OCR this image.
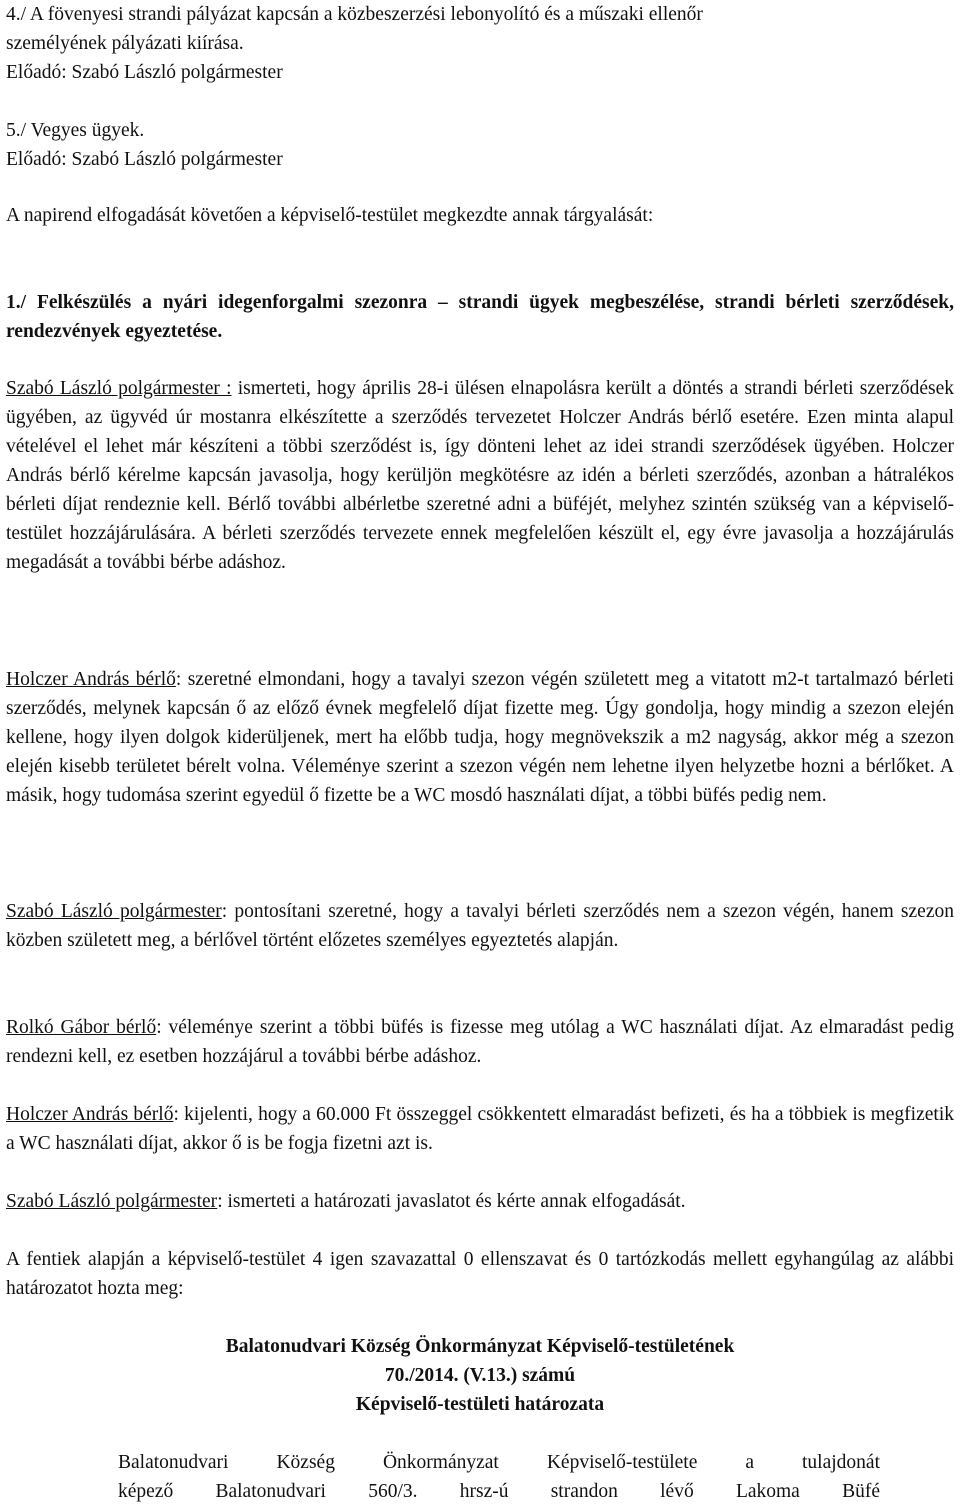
4./ A fövenyesi strandi pályázat kapcsán a közbeszerzési lebonyolító és a műszaki ellenőr

személyének pályázati kiírása.

Előadó: Szabó László polgármester

5./ Vegyes ügyek.

Előadó: Szabó László polgármester

A napirend elfogadását követően a képviselő-testület megkezdte annak tárgyalását:

1./ Felkészülés a nyári idegenforgalmi szezonra – strandi ügyek megbeszélése, strandi bérleti szerződések, rendezvények egyeztetése.

Szabó László polgármester : ismerteti, hogy április 28-i ülésen elnapolásra került a döntés a strandi bérleti szerződések ügyében, az ügyvéd úr mostanra elkészítette a szerződés tervezetet Holczer András bérlő esetére. Ezen minta alapul vételével el lehet már készíteni a többi szerződést is, így dönteni lehet az idei strandi szerződések ügyében. Holczer András bérlő kérelme kapcsán javasolja, hogy kerüljön megkötésre az idén a bérleti szerződés, azonban a hátralékos bérleti díjat rendeznie kell. Bérlő további albérletbe szeretné adni a büféjét, melyhez szintén szükség van a képviselő-testület hozzájárulására. A bérleti szerződés tervezete ennek megfelelően készült el, egy évre javasolja a hozzájárulás megadását a további bérbe adáshoz.

Holczer András bérlő: szeretné elmondani, hogy a tavalyi szezon végén született meg a vitatott m2-t tartalmazó bérleti szerződés, melynek kapcsán ő az előző évnek megfelelő díjat fizette meg. Úgy gondolja, hogy mindig a szezon elején kellene, hogy ilyen dolgok kiderüljenek, mert ha előbb tudja, hogy megnövekszik a m2 nagyság, akkor még a szezon elején kisebb területet bérelt volna. Véleménye szerint a szezon végén nem lehetne ilyen helyzetbe hozni a bérlőket. A másik, hogy tudomása szerint egyedül ő fizette be a WC mosdó használati díjat, a többi büfés pedig nem.

Szabó László polgármester: pontosítani szeretné, hogy a tavalyi bérleti szerződés nem a szezon végén, hanem szezon közben született meg, a bérlővel történt előzetes személyes egyeztetés alapján.

Rolkó Gábor bérlő: véleménye szerint a többi büfés is fizesse meg utólag a WC használati díjat. Az elmaradást pedig rendezni kell, ez esetben hozzájárul a további bérbe adáshoz.

Holczer András bérlő: kijelenti, hogy a 60.000 Ft összeggel csökkentett elmaradást befizeti, és ha a többiek is megfizetik a WC használati díjat, akkor ő is be fogja fizetni azt is.

Szabó László polgármester: ismerteti a határozati javaslatot és kérte annak elfogadását.

A fentiek alapján a képviselő-testület 4 igen szavazattal 0 ellenszavat és 0 tartózkodás mellett egyhangúlag az alábbi határozatot hozta meg:

Balatonudvari Község Önkormányzat Képviselő-testületének

70./2014. (V.13.) számú

Képviselő-testületi határozata

Balatonudvari Község Önkormányzat Képviselő-testülete a tulajdonát

képező Balatonudvari 560/3. hrsz-ú strandon lévő Lakoma Büfé
